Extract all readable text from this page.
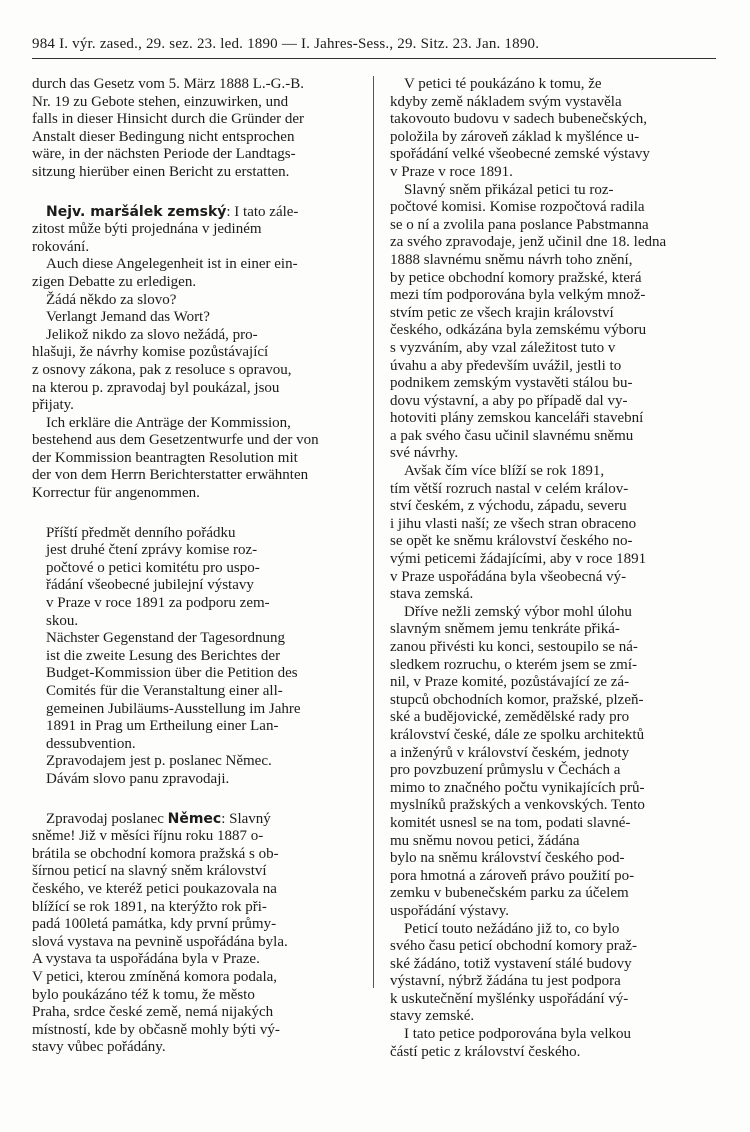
984 I. výr. zased., 29. sez. 23. led. 1890 — I. Jahres-Sess., 29. Sitz. 23. Jan. 1890.
durch das Gesetz vom 5. März 1888 L.-G.-B.
Nr. 19 zu Gebote stehen, einzuwirken, und
falls in dieser Hinsicht durch die Gründer der
Anstalt dieser Bedingung nicht entsprochen
wäre, in der nächsten Periode der Landtags-
sitzung hierüber einen Bericht zu erstatten.
Nejv. maršálek zemský: I tato zále-
zitost může býti projednána v jediném
rokování.
Auch diese Angelegenheit ist in einer ein-
zigen Debatte zu erledigen.
Žádá někdo za slovo?
Verlangt Jemand das Wort?
Jelikož nikdo za slovo nežádá, pro-
hlašuji, že návrhy komise pozůstávající
z osnovy zákona, pak z resoluce s opravou,
na kterou p. zpravodaj byl poukázal, jsou
přijaty.
Ich erkläre die Anträge der Kommission,
bestehend aus dem Gesetzentwurfe und der von
der Kommission beantragten Resolution mit
der von dem Herrn Berichterstatter erwähnten
Korrectur für angenommen.
Příští předmět denního pořádku
jest druhé čtení zprávy komise roz-
počtové o petici komitétu pro uspo-
řádání všeobecné jubilejní výstavy
v Praze v roce 1891 za podporu zem-
skou.
Nächster Gegenstand der Tagesordnung
ist die zweite Lesung des Berichtes der
Budget-Kommission über die Petition des
Comités für die Veranstaltung einer all-
gemeinen Jubiläums-Ausstellung im Jahre
1891 in Prag um Ertheilung einer Lan-
dessubvention.
Zpravodajem jest p. poslanec Němec.
Dávám slovo panu zpravodaji.
Zpravodaj poslanec Němec: Slavný
sněme! Již v měsíci říjnu roku 1887 o-
brátila se obchodní komora pražská s ob-
šírnou peticí na slavný sněm království
českého, ve kteréž petici poukazovala na
blížící se rok 1891, na kterýžto rok při-
padá 100letá památka, kdy první průmy-
slová vystava na pevnině uspořádána byla.
A vystava ta uspořádána byla v Praze.
V petici, kterou zmíněná komora podala,
bylo poukázáno též k tomu, že město
Praha, srdce české země, nemá nijakých
místností, kde by občasně mohly býti vý-
stavy vůbec pořádány.
V petici té poukázáno k tomu, že
kdyby země nákladem svým vystavěla
takovouto budovu v sadech bubenečských,
položila by zároveň základ k myšlénce u-
spořádání velké všeobecné zemské výstavy
v Praze v roce 1891.
Slavný sněm přikázal petici tu roz-
počtové komisi. Komise rozpočtová radila
se o ní a zvolila pana poslance Pabstmanna
za svého zpravodaje, jenž učinil dne 18. ledna
1888 slavnému sněmu návrh toho znění,
by petice obchodní komory pražské, která
mezi tím podporována byla velkým množ-
stvím petic ze všech krajin království
českého, odkázána byla zemskému výboru
s vyzváním, aby vzal záležitost tuto v
úvahu a aby především uvážil, jestli to
podnikem zemským vystavěti stálou bu-
dovu výstavní, a aby po případě dal vy-
hotoviti plány zemskou kanceláři stavební
a pak svého času učinil slavnému sněmu
své návrhy.
Avšak čím více blíží se rok 1891,
tím větší rozruch nastal v celém králov-
ství českém, z východu, západu, severu
i jihu vlasti naší; ze všech stran obraceno
se opět ke sněmu království českého no-
vými peticemi žádajícími, aby v roce 1891
v Praze uspořádána byla všeobecná vý-
stava zemská.
Dříve nežli zemský výbor mohl úlohu
slavným sněmem jemu tenkráte přiká-
zanou přivésti ku konci, sestoupilo se ná-
sledkem rozruchu, o kterém jsem se zmí-
nil, v Praze komité, pozůstávající ze zá-
stupců obchodních komor, pražské, plzeň-
ské a budějovické, zemědělské rady pro
království české, dále ze spolku architektů
a inženýrů v království českém, jednoty
pro povzbuzení průmyslu v Čechách a
mimo to značného počtu vynikajících prů-
myslníků pražských a venkovských. Tento
komitét usnesl se na tom, podati slavné-
mu sněmu novou petici, žádána
bylo na sněmu království českého pod-
pora hmotná a zároveň právo použití po-
zemku v bubenečském parku za účelem
uspořádání výstavy.
Peticí touto nežádáno již to, co bylo
svého času peticí obchodní komory praž-
ské žádáno, totiž vystavení stálé budovy
výstavní, nýbrž žádána tu jest podpora
k uskutečnění myšlénky uspořádání vý-
stavy zemské.
I tato petice podporována byla velkou
částí petic z království českého.
